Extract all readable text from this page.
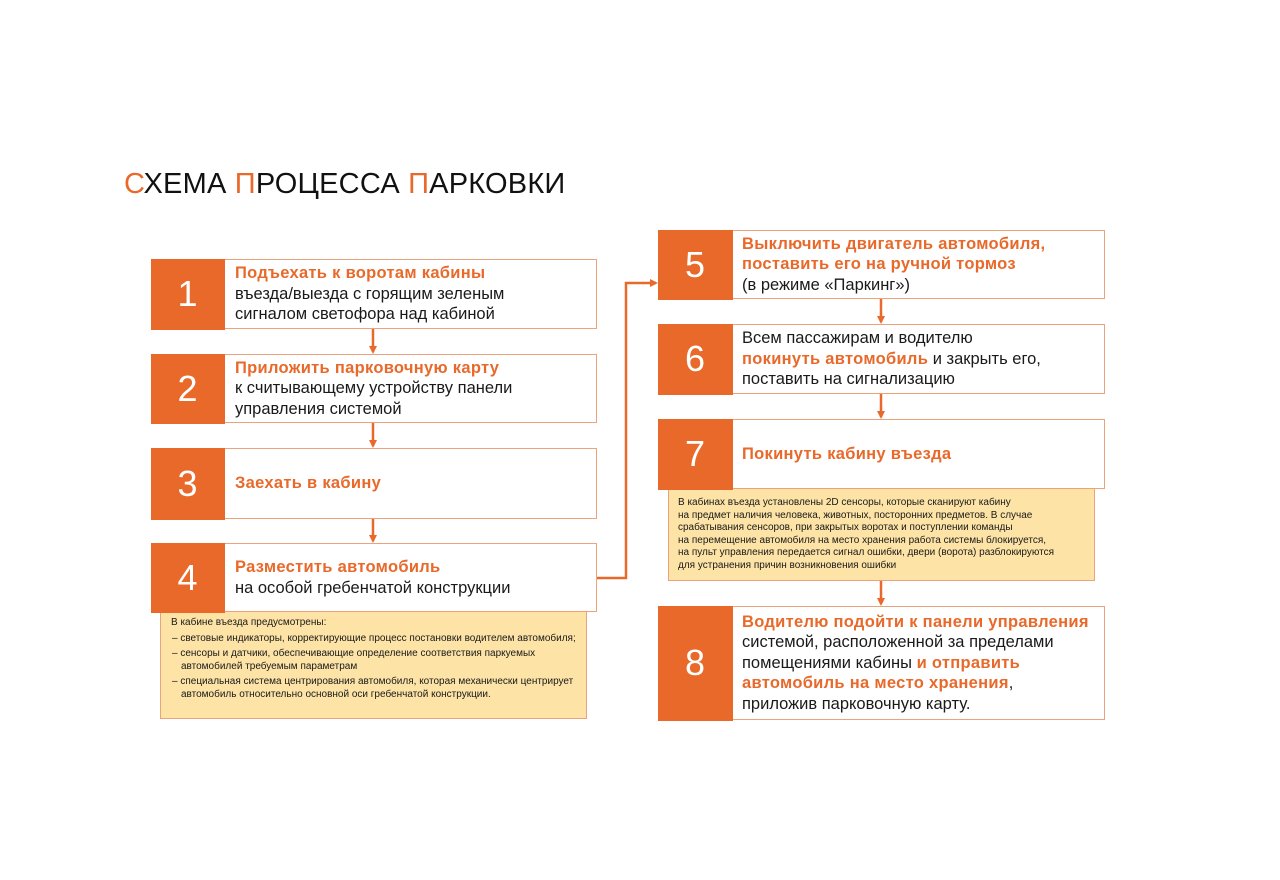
СХЕМА ПРОЦЕССА ПАРКОВКИ
1	Подъехать к воротам кабины
въезда/выезда с горящим зеленым
сигналом светофора над кабиной
2	Приложить парковочную карту
к считывающему устройству панели
управления системой
3	Заехать в кабину
В кабине въезда предусмотрены:
– световые индикаторы, корректирующие процесс постановки водителем автомобиля;
– сенсоры и датчики, обеспечивающие определение соответствия паркуемых автомобилей требуемым параметрам
– специальная система центрирования автомобиля, которая механически центрирует автомобиль относительно основной оси гребенчатой конструкции.
4	Разместить автомобиль
на особой гребенчатой конструкции
5	Выключить двигатель автомобиля,
поставить его на ручной тормоз
(в режиме «Паркинг»)
6	Всем пассажирам и водителю
покинуть автомобиль и закрыть его,
поставить на сигнализацию
В кабинах въезда установлены 2D сенсоры, которые сканируют кабину
на предмет наличия человека, животных, посторонних предметов. В случае
срабатывания сенсоров, при закрытых воротах и поступлении команды
на перемещение автомобиля на место хранения работа системы блокируется,
на пульт управления передается сигнал ошибки, двери (ворота) разблокируются
для устранения причин возникновения ошибки
7	Покинуть кабину въезда
8
Водителю подойти к панели управления
системой, расположенной за пределами
помещениями кабины и отправить
автомобиль на место хранения,
приложив парковочную карту.
